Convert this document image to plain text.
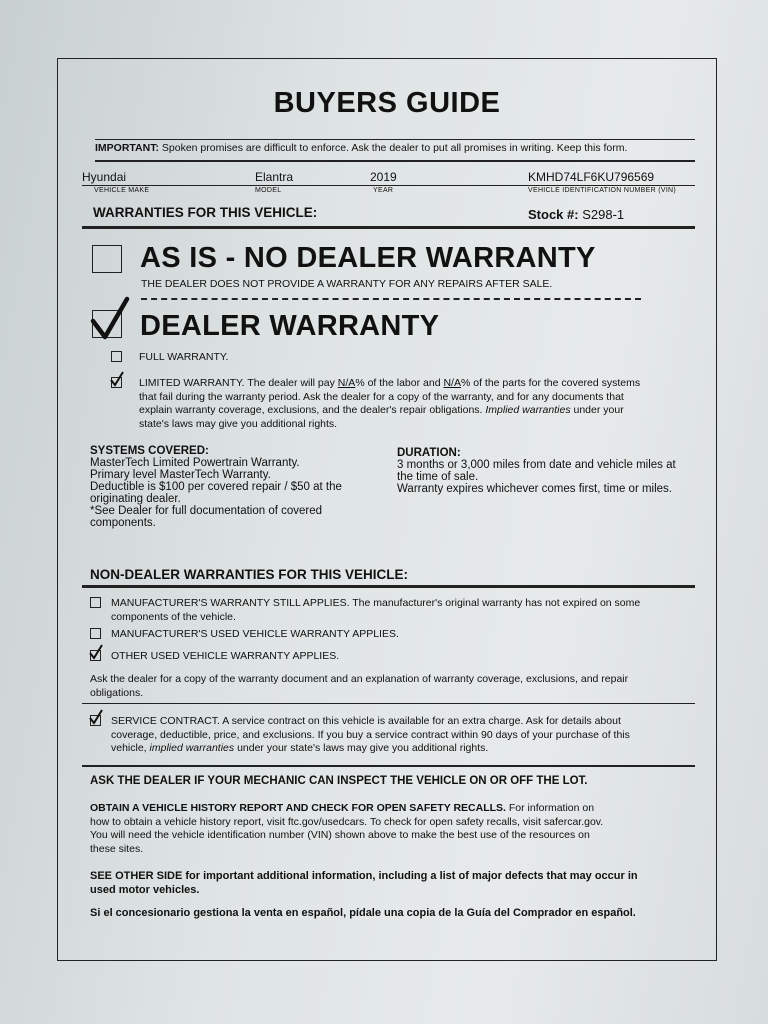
BUYERS GUIDE
IMPORTANT: Spoken promises are difficult to enforce. Ask the dealer to put all promises in writing. Keep this form.
Hyundai	Elantra	2019	KMHD74LF6KU796569
VEHICLE MAKE	MODEL	YEAR	VEHICLE IDENTIFICATION NUMBER (VIN)
WARRANTIES FOR THIS VEHICLE:	Stock #: S298-1
AS IS - NO DEALER WARRANTY
THE DEALER DOES NOT PROVIDE A WARRANTY FOR ANY REPAIRS AFTER SALE.
DEALER WARRANTY
FULL WARRANTY.
LIMITED WARRANTY. The dealer will pay N/A% of the labor and N/A% of the parts for the covered systems
that fail during the warranty period. Ask the dealer for a copy of the warranty, and for any documents that
explain warranty coverage, exclusions, and the dealer's repair obligations. Implied warranties under your
state's laws may give you additional rights.
SYSTEMS COVERED:
MasterTech Limited Powertrain Warranty.
Primary level MasterTech Warranty.
Deductible is $100 per covered repair / $50 at the
originating dealer.
*See Dealer for full documentation of covered
components.
DURATION:
3 months or 3,000 miles from date and vehicle miles at
the time of sale.
Warranty expires whichever comes first, time or miles.
NON-DEALER WARRANTIES FOR THIS VEHICLE:
MANUFACTURER'S WARRANTY STILL APPLIES. The manufacturer's original warranty has not expired on some
components of the vehicle.
MANUFACTURER'S USED VEHICLE WARRANTY APPLIES.
OTHER USED VEHICLE WARRANTY APPLIES.
Ask the dealer for a copy of the warranty document and an explanation of warranty coverage, exclusions, and repair
obligations.
SERVICE CONTRACT. A service contract on this vehicle is available for an extra charge. Ask for details about
coverage, deductible, price, and exclusions. If you buy a service contract within 90 days of your purchase of this
vehicle, implied warranties under your state's laws may give you additional rights.
ASK THE DEALER IF YOUR MECHANIC CAN INSPECT THE VEHICLE ON OR OFF THE LOT.
OBTAIN A VEHICLE HISTORY REPORT AND CHECK FOR OPEN SAFETY RECALLS. For information on
how to obtain a vehicle history report, visit ftc.gov/usedcars. To check for open safety recalls, visit safercar.gov.
You will need the vehicle identification number (VIN) shown above to make the best use of the resources on
these sites.
SEE OTHER SIDE for important additional information, including a list of major defects that may occur in
used motor vehicles.
Si el concesionario gestiona la venta en español, pídale una copia de la Guía del Comprador en español.
